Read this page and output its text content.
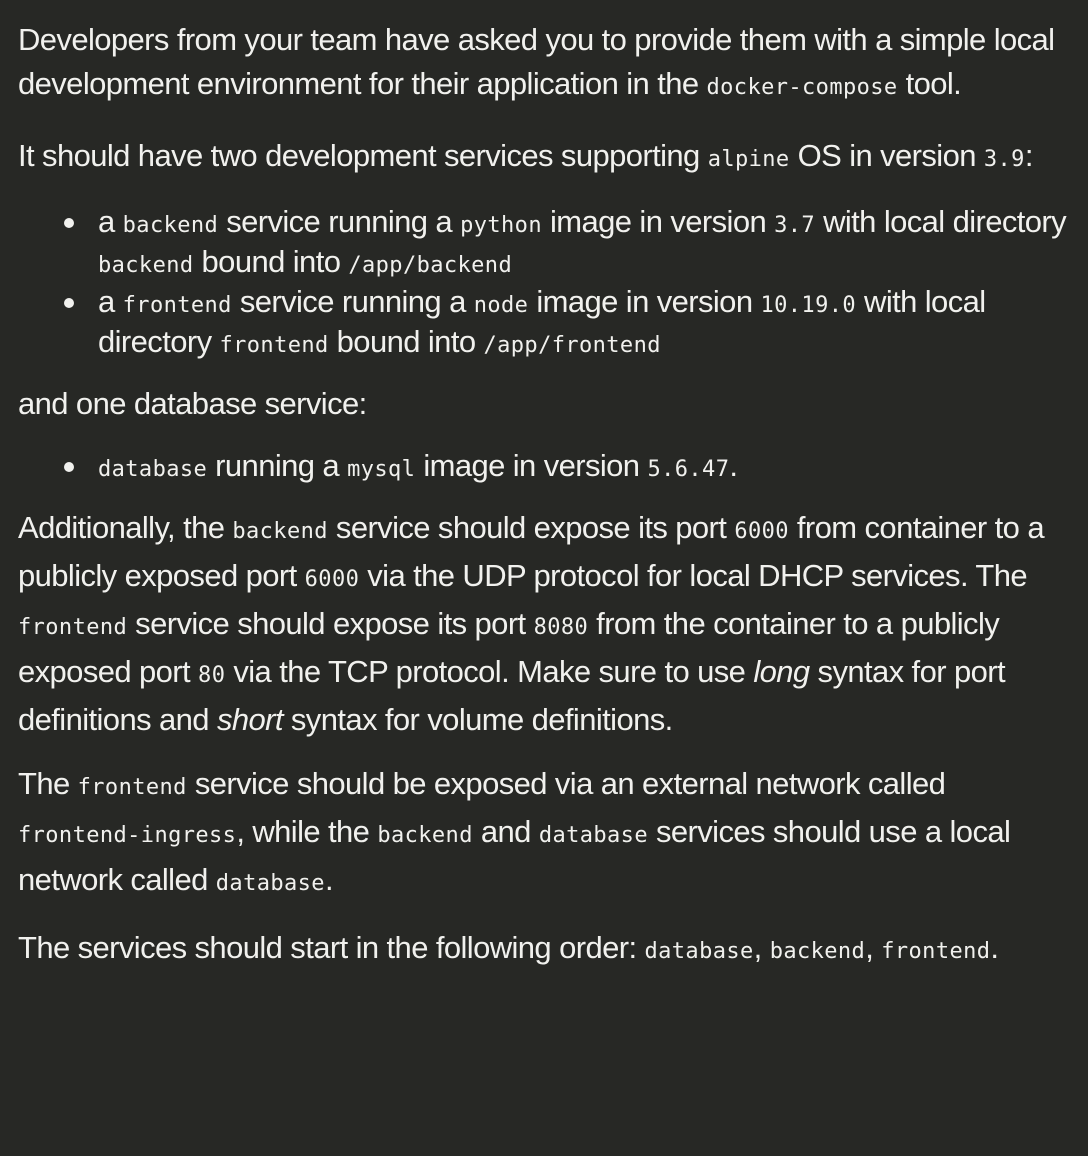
Developers from your team have asked you to provide them with a simple local development environment for their application in the docker-compose tool.

It should have two development services supporting alpine OS in version 3.9:

a backend service running a python image in version 3.7 with local directory backend bound into /app/backend
a frontend service running a node image in version 10.19.0 with local directory frontend bound into /app/frontend

and one database service:

database running a mysql image in version 5.6.47.

Additionally, the backend service should expose its port 6000 from container to a publicly exposed port 6000 via the UDP protocol for local DHCP services. The frontend service should expose its port 8080 from the container to a publicly exposed port 80 via the TCP protocol. Make sure to use long syntax for port definitions and short syntax for volume definitions.

The frontend service should be exposed via an external network called frontend-ingress, while the backend and database services should use a local network called database.

The services should start in the following order: database, backend, frontend.
